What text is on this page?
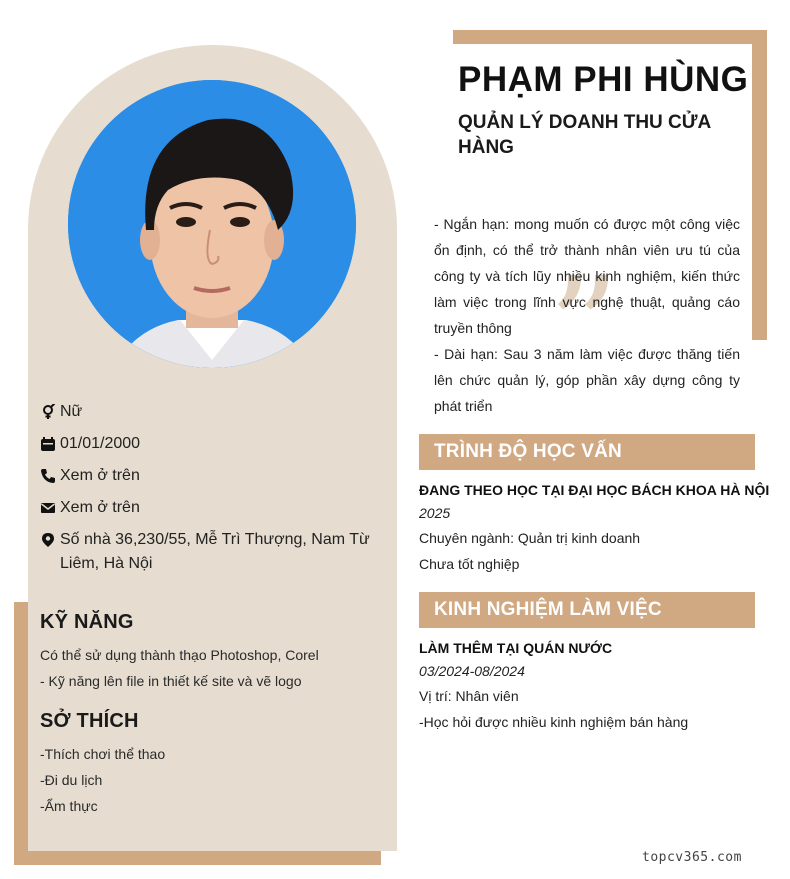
Nữ
01/01/2000
Xem ở trên
Xem ở trên
Số nhà 36,230/55, Mễ Trì Thượng, Nam Từ Liêm, Hà Nội
KỸ NĂNG
Có thể sử dụng thành thạo Photoshop, Corel
- Kỹ năng lên file in thiết kế site và vẽ logo
SỞ THÍCH
-Thích chơi thể thao
-Đi du lịch
-Ẩm thực
PHẠM PHI HÙNG
QUẢN LÝ DOANH THU CỬA HÀNG
”
- Ngắn hạn: mong muốn có được một công việc ổn định, có thể trở thành nhân viên ưu tú của công ty và tích lũy nhiều kinh nghiệm, kiến thức làm việc trong lĩnh vực nghệ thuật, quảng cáo truyền thông
- Dài hạn: Sau 3 năm làm việc được thăng tiến lên chức quản lý, góp phần xây dựng công ty phát triển
TRÌNH ĐỘ HỌC VẤN
ĐANG THEO HỌC TẠI ĐẠI HỌC BÁCH KHOA HÀ NỘI
2025
Chuyên ngành: Quản trị kinh doanh
Chưa tốt nghiệp
KINH NGHIỆM LÀM VIỆC
LÀM THÊM TẠI QUÁN NƯỚC
03/2024-08/2024
Vị trí: Nhân viên
-Học hỏi được nhiều kinh nghiệm bán hàng
topcv365.com
